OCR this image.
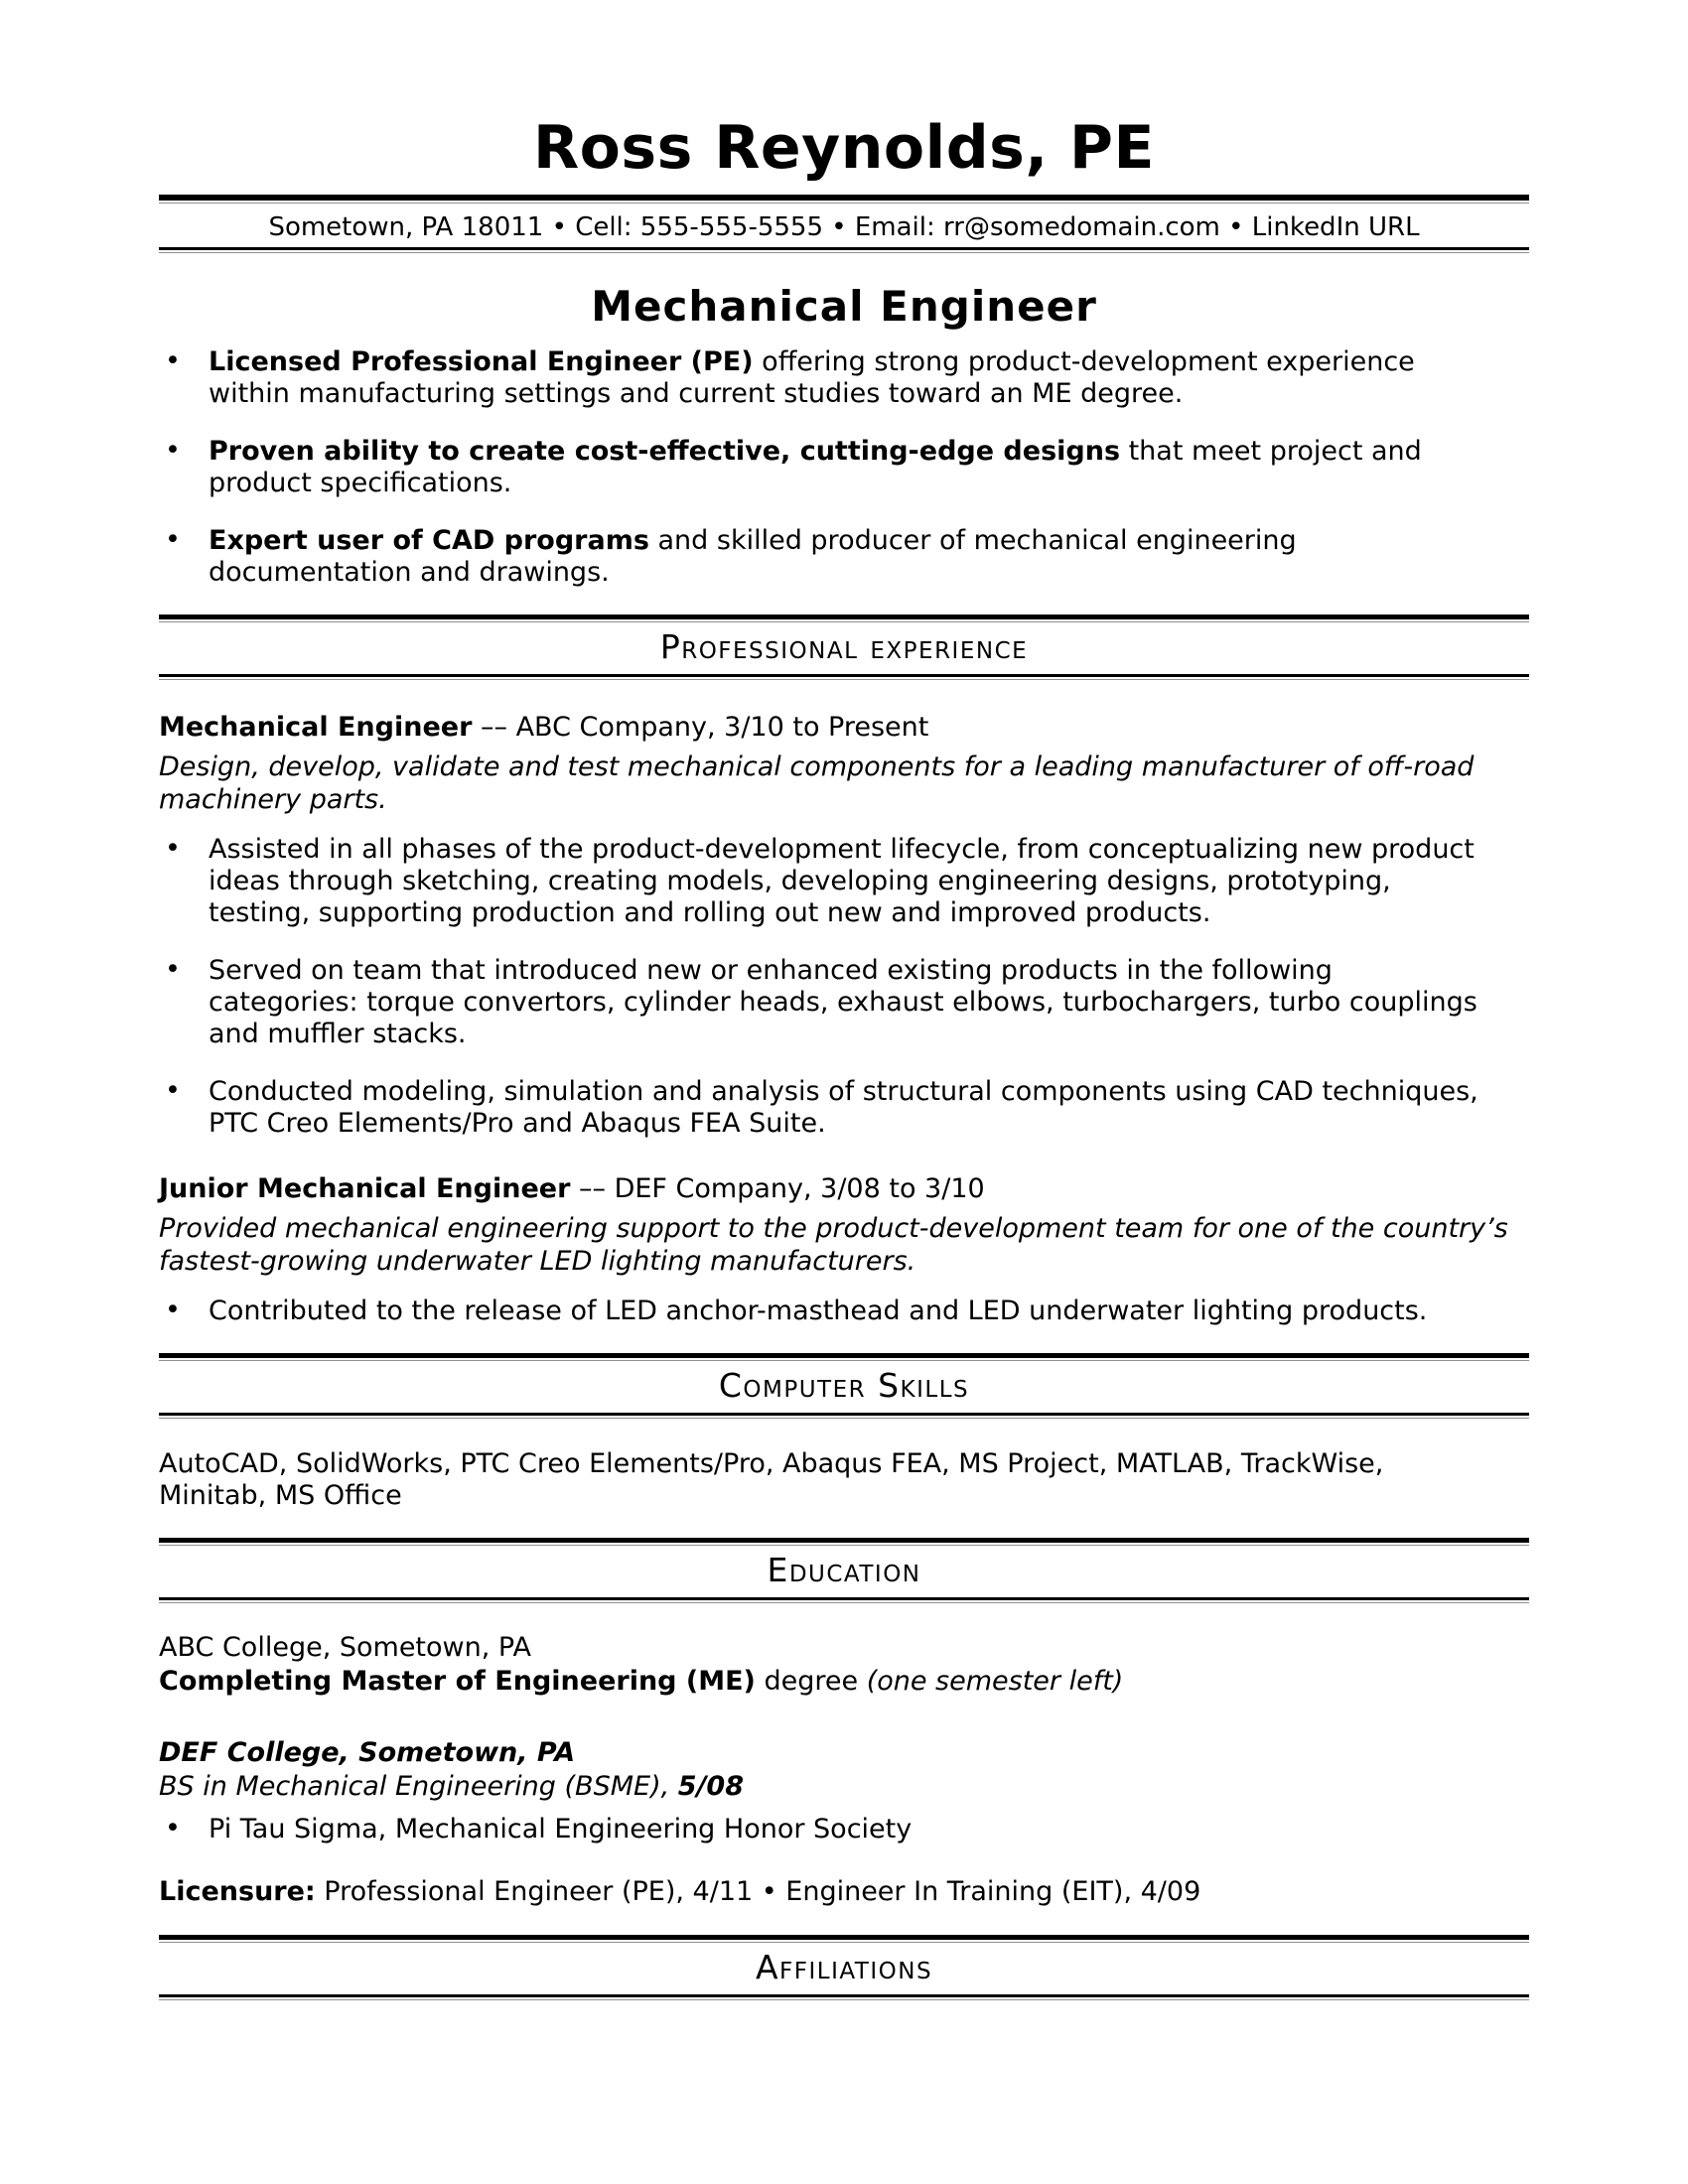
Ross Reynolds, PE
Sometown, PA 18011 • Cell: 555-555-5555 • Email: rr@somedomain.com • LinkedIn URL
Mechanical Engineer
• Licensed Professional Engineer (PE) offering strong product-development experience within manufacturing settings and current studies toward an ME degree.
• Proven ability to create cost-effective, cutting-edge designs that meet project and product specifications.
• Expert user of CAD programs and skilled producer of mechanical engineering documentation and drawings.
Professional experience
Mechanical Engineer –– ABC Company, 3/10 to Present
Design, develop, validate and test mechanical components for a leading manufacturer of off-road machinery parts.
• Assisted in all phases of the product-development lifecycle, from conceptualizing new product ideas through sketching, creating models, developing engineering designs, prototyping, testing, supporting production and rolling out new and improved products.
• Served on team that introduced new or enhanced existing products in the following categories: torque convertors, cylinder heads, exhaust elbows, turbochargers, turbo couplings and muffler stacks.
• Conducted modeling, simulation and analysis of structural components using CAD techniques, PTC Creo Elements/Pro and Abaqus FEA Suite.
Junior Mechanical Engineer –– DEF Company, 3/08 to 3/10
Provided mechanical engineering support to the product-development team for one of the country’s fastest-growing underwater LED lighting manufacturers.
• Contributed to the release of LED anchor-masthead and LED underwater lighting products.
Computer Skills
AutoCAD, SolidWorks, PTC Creo Elements/Pro, Abaqus FEA, MS Project, MATLAB, TrackWise, Minitab, MS Office
Education
ABC College, Sometown, PA
Completing Master of Engineering (ME) degree (one semester left)
DEF College, Sometown, PA
BS in Mechanical Engineering (BSME), 5/08
• Pi Tau Sigma, Mechanical Engineering Honor Society
Licensure: Professional Engineer (PE), 4/11 • Engineer In Training (EIT), 4/09
Affiliations
